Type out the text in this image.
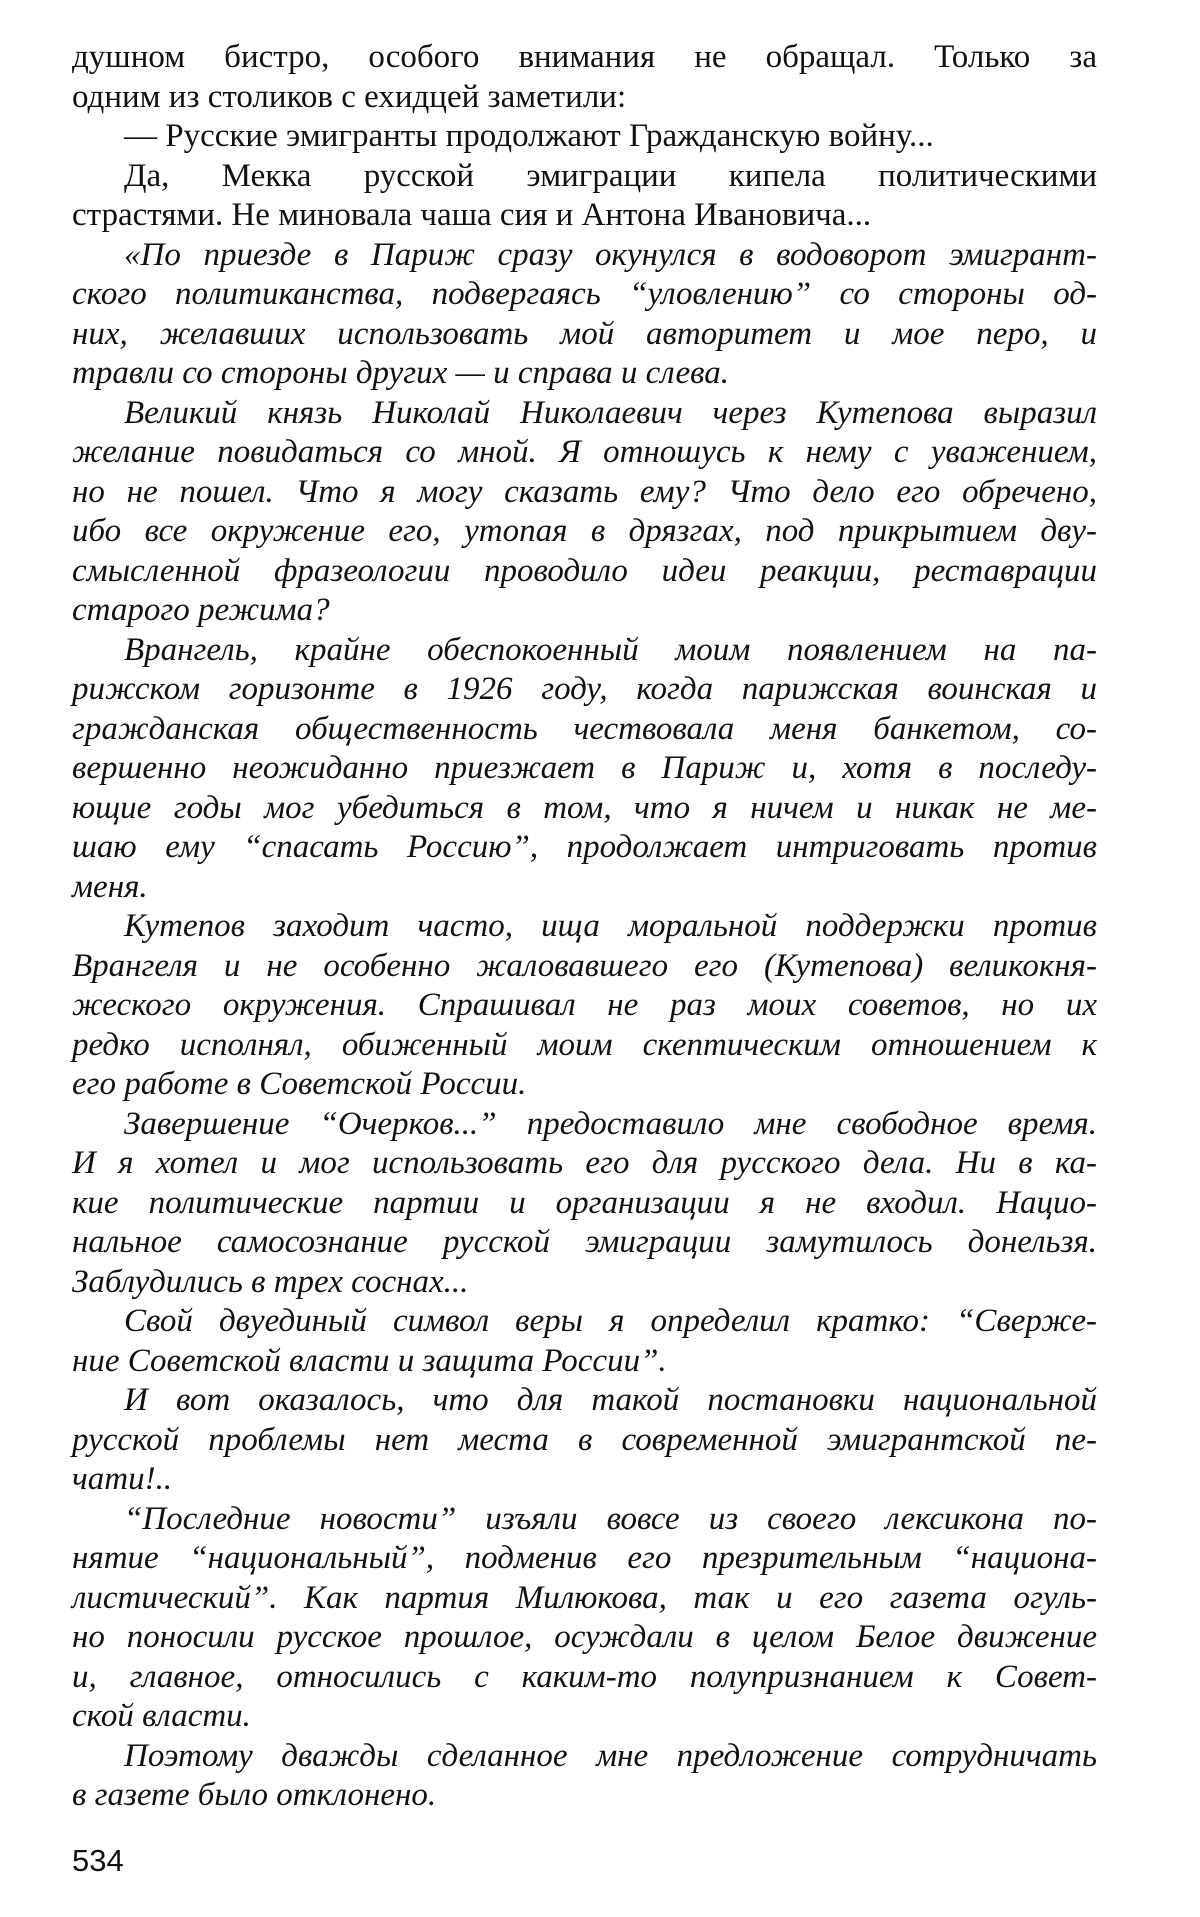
душном бистро, особого внимания не обращал. Только за
одним из столиков с ехидцей заметили:
— Русские эмигранты продолжают Гражданскую войну...
Да, Мекка русской эмиграции кипела политическими
страстями. Не миновала чаша сия и Антона Ивановича...
«По приезде в Париж сразу окунулся в водоворот эмигрант-
ского политиканства, подвергаясь “уловлению” со стороны од-
них, желавших использовать мой авторитет и мое перо, и
травли со стороны других — и справа и слева.
Великий князь Николай Николаевич через Кутепова выразил
желание повидаться со мной. Я отношусь к нему с уважением,
но не пошел. Что я могу сказать ему? Что дело его обречено,
ибо все окружение его, утопая в дрязгах, под прикрытием дву-
смысленной фразеологии проводило идеи реакции, реставрации
старого режима?
Врангель, крайне обеспокоенный моим появлением на па-
рижском горизонте в 1926 году, когда парижская воинская и
гражданская общественность чествовала меня банкетом, со-
вершенно неожиданно приезжает в Париж и, хотя в последу-
ющие годы мог убедиться в том, что я ничем и никак не ме-
шаю ему “спасать Россию”, продолжает интриговать против
меня.
Кутепов заходит часто, ища моральной поддержки против
Врангеля и не особенно жаловавшего его (Кутепова) великокня-
жеского окружения. Спрашивал не раз моих советов, но их
редко исполнял, обиженный моим скептическим отношением к
его работе в Советской России.
Завершение “Очерков...” предоставило мне свободное время.
И я хотел и мог использовать его для русского дела. Ни в ка-
кие политические партии и организации я не входил. Нацио-
нальное самосознание русской эмиграции замутилось донельзя.
Заблудились в трех соснах...
Свой двуединый символ веры я определил кратко: “Сверже-
ние Советской власти и защита России”.
И вот оказалось, что для такой постановки национальной
русской проблемы нет места в современной эмигрантской пе-
чати!..
“Последние новости” изъяли вовсе из своего лексикона по-
нятие “национальный”, подменив его презрительным “национа-
листический”. Как партия Милюкова, так и его газета огуль-
но поносили русское прошлое, осуждали в целом Белое движение
и, главное, относились с каким-то полупризнанием к Совет-
ской власти.
Поэтому дважды сделанное мне предложение сотрудничать
в газете было отклонено.
534
